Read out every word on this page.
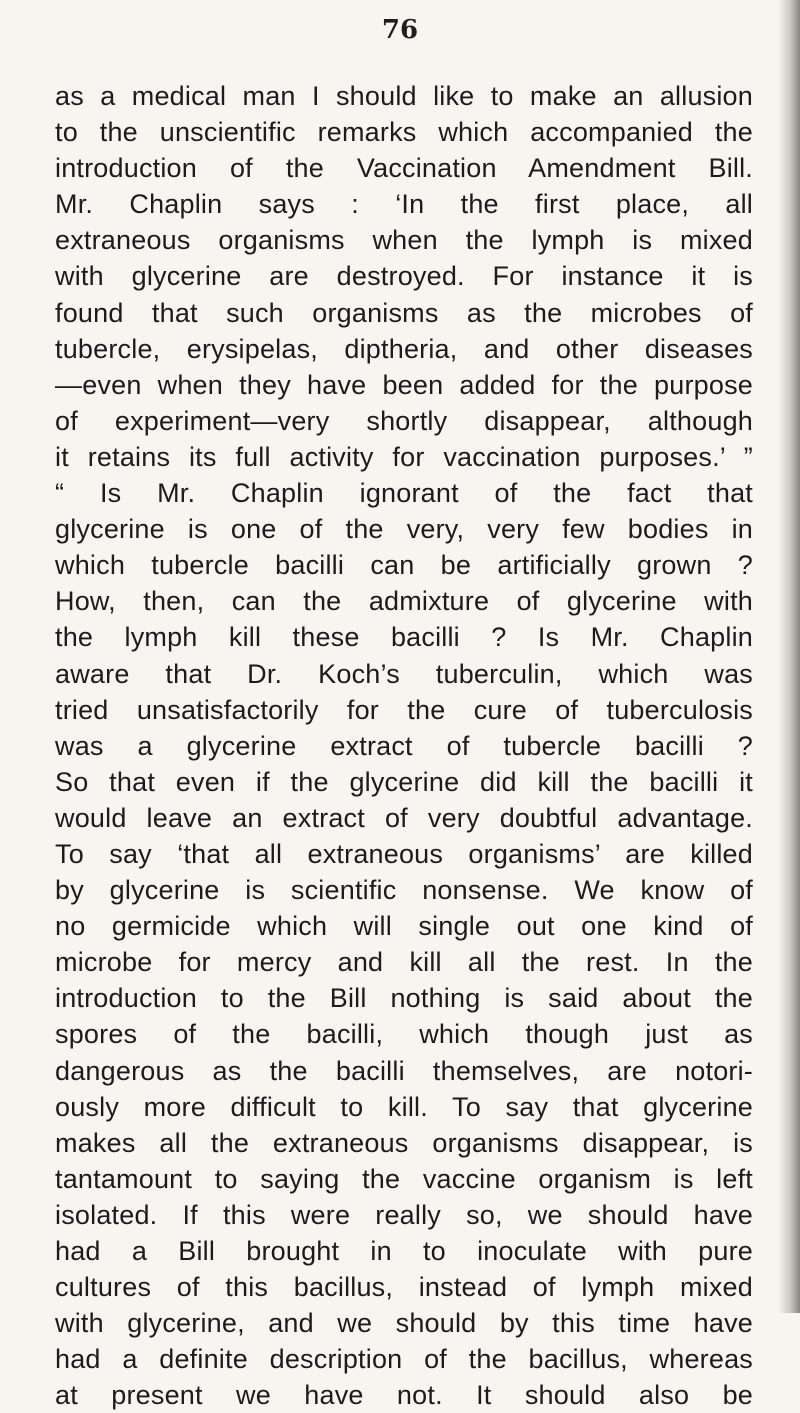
76
as a medical man I should like to make an allusion
to the unscientific remarks which accompanied the
introduction of the Vaccination Amendment Bill.
Mr. Chaplin says : ‘In the first place, all
extraneous organisms when the lymph is mixed
with glycerine are destroyed. For instance it is
found that such organisms as the microbes of
tubercle, erysipelas, diptheria, and other diseases
—even when they have been added for the purpose
of experiment—very shortly disappear, although
it retains its full activity for vaccination purposes.’ ”
“ Is Mr. Chaplin ignorant of the fact that
glycerine is one of the very, very few bodies in
which tubercle bacilli can be artificially grown ?
How, then, can the admixture of glycerine with
the lymph kill these bacilli ? Is Mr. Chaplin
aware that Dr. Koch’s tuberculin, which was
tried unsatisfactorily for the cure of tuberculosis
was a glycerine extract of tubercle bacilli ?
So that even if the glycerine did kill the bacilli it
would leave an extract of very doubtful advantage.
To say ‘that all extraneous organisms’ are killed
by glycerine is scientific nonsense. We know of
no germicide which will single out one kind of
microbe for mercy and kill all the rest. In the
introduction to the Bill nothing is said about the
spores of the bacilli, which though just as
dangerous as the bacilli themselves, are notori-
ously more difficult to kill. To say that glycerine
makes all the extraneous organisms disappear, is
tantamount to saying the vaccine organism is left
isolated. If this were really so, we should have
had a Bill brought in to inoculate with pure
cultures of this bacillus, instead of lymph mixed
with glycerine, and we should by this time have
had a definite description of the bacillus, whereas
at present we have not. It should also be
